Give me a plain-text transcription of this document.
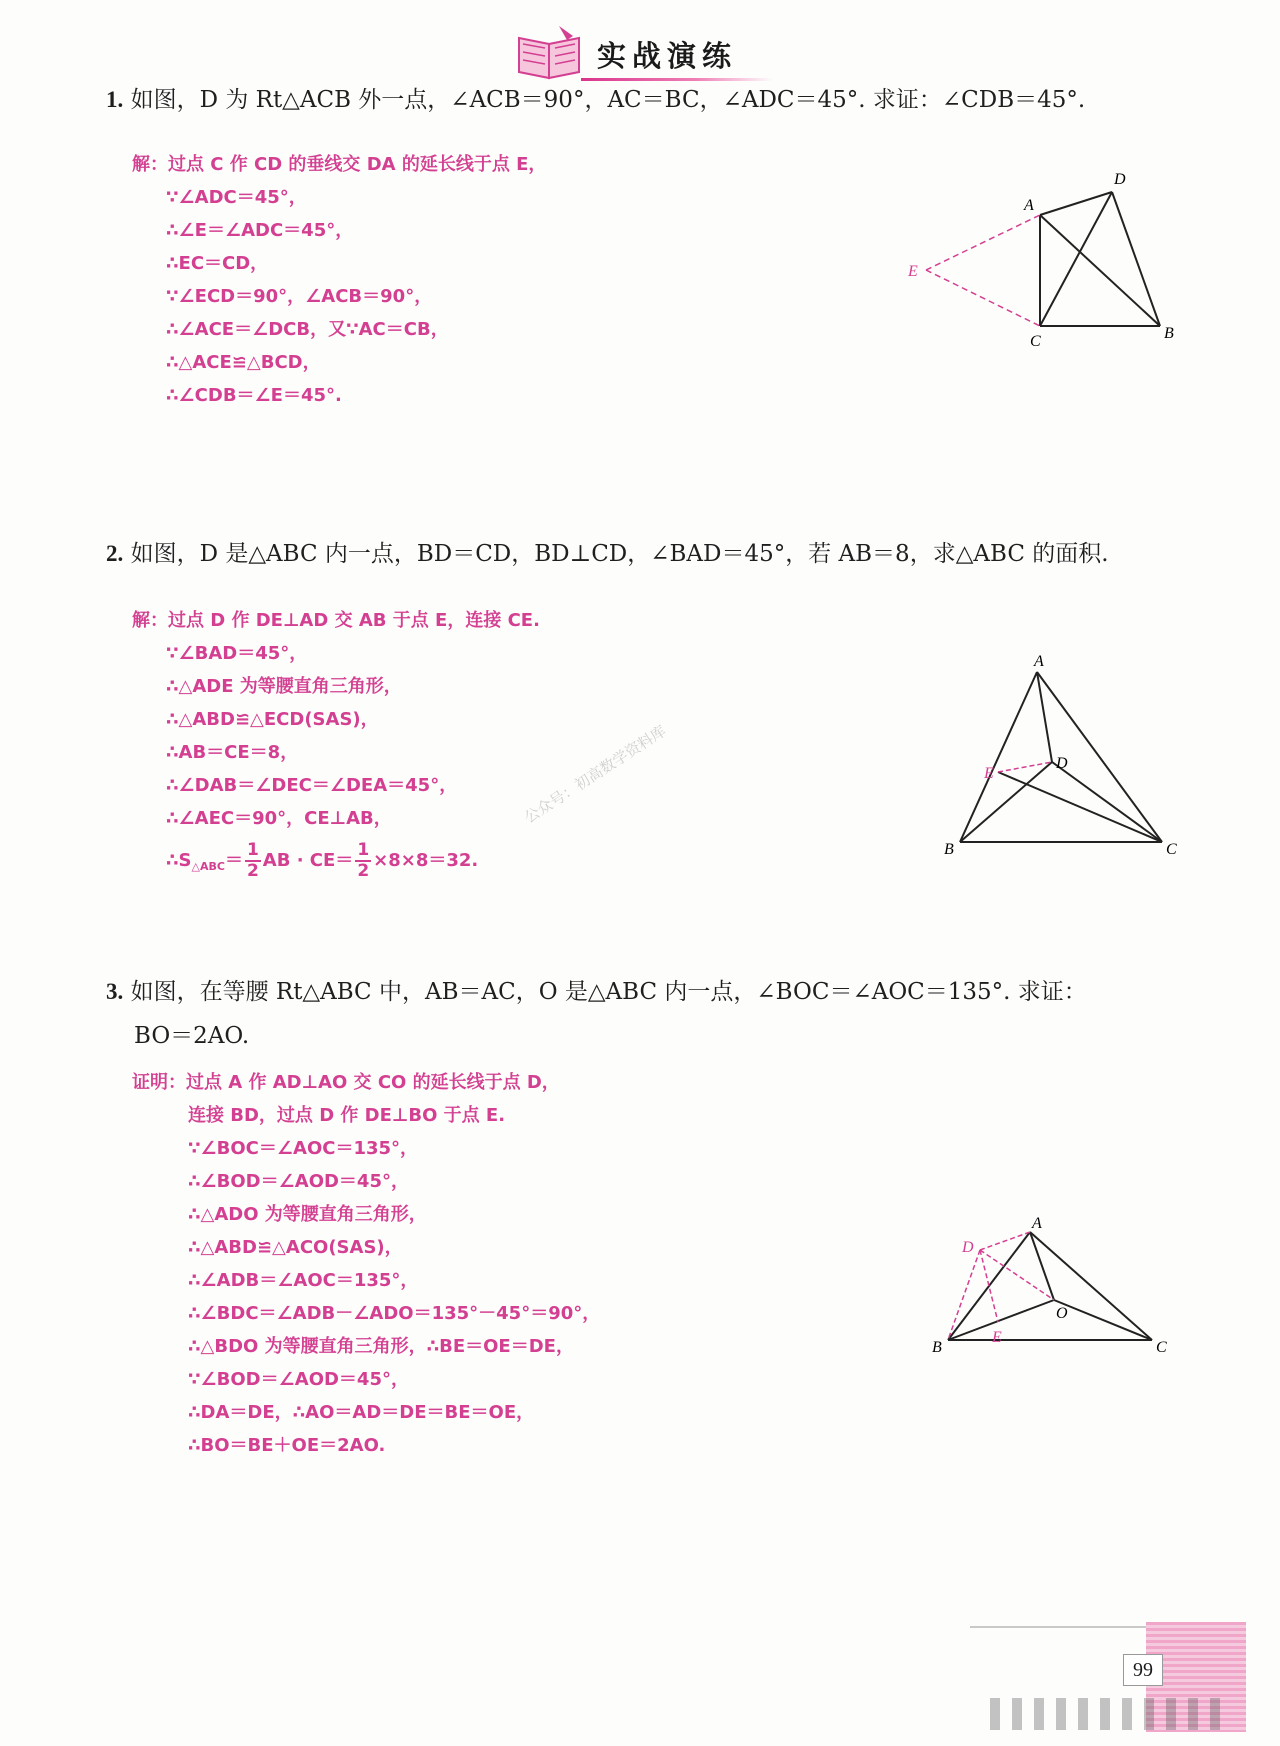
实战演练
1. 如图，D 为 Rt△ACB 外一点，∠ACB＝90°，AC＝BC，∠ADC＝45°. 求证：∠CDB＝45°.
解：过点 C 作 CD 的垂线交 DA 的延长线于点 E，
∵∠ADC＝45°，
∴∠E＝∠ADC＝45°，
∴EC＝CD，
∵∠ECD＝90°，∠ACB＝90°，
∴∠ACE＝∠DCB，又∵AC＝CB，
∴△ACE≌△BCD，
∴∠CDB＝∠E＝45°.
A
D
B
C
E
2. 如图，D 是△ABC 内一点，BD＝CD，BD⊥CD，∠BAD＝45°，若 AB＝8，求△ABC 的面积.
解：过点 D 作 DE⊥AD 交 AB 于点 E，连接 CE.
∵∠BAD＝45°，
∴△ADE 为等腰直角三角形，
∴△ABD≌△ECD(SAS)，
∴AB＝CE＝8，
∴∠DAB＝∠DEC＝∠DEA＝45°，
∴∠AEC＝90°，CE⊥AB，
$\therefore S_{\triangle ABC}= \frac{1}{2}$ AB · $CE= \frac{1}{2} \times 8\times 8=32$.
A
D
E
B	C
公众号：初高数学资料库
3. 如图，在等腰 Rt△ABC 中，AB＝AC，O 是△ABC 内一点，∠BOC＝∠AOC＝135°. 求证：
BO＝2AO.
证明：过点 A 作 AD⊥AO 交 CO 的延长线于点 D，
连接 BD，过点 D 作 DE⊥BO 于点 E.
∵∠BOC＝∠AOC＝135°，
∴∠BOD＝∠AOD＝45°，
∴△ADO 为等腰直角三角形，
∴△ABD≌△ACO(SAS)，
∴∠ADB＝∠AOC＝135°，
∴∠BDC＝∠ADB－∠ADO＝135°－45°＝90°，
∴△BDO 为等腰直角三角形，∴BE＝OE＝DE，
∵∠BOD＝∠AOD＝45°，
∴DA＝DE，∴AO＝AD＝DE＝BE＝OE，
∴BO＝BE＋OE＝2AO.
A
D
O
E
B	C
99
